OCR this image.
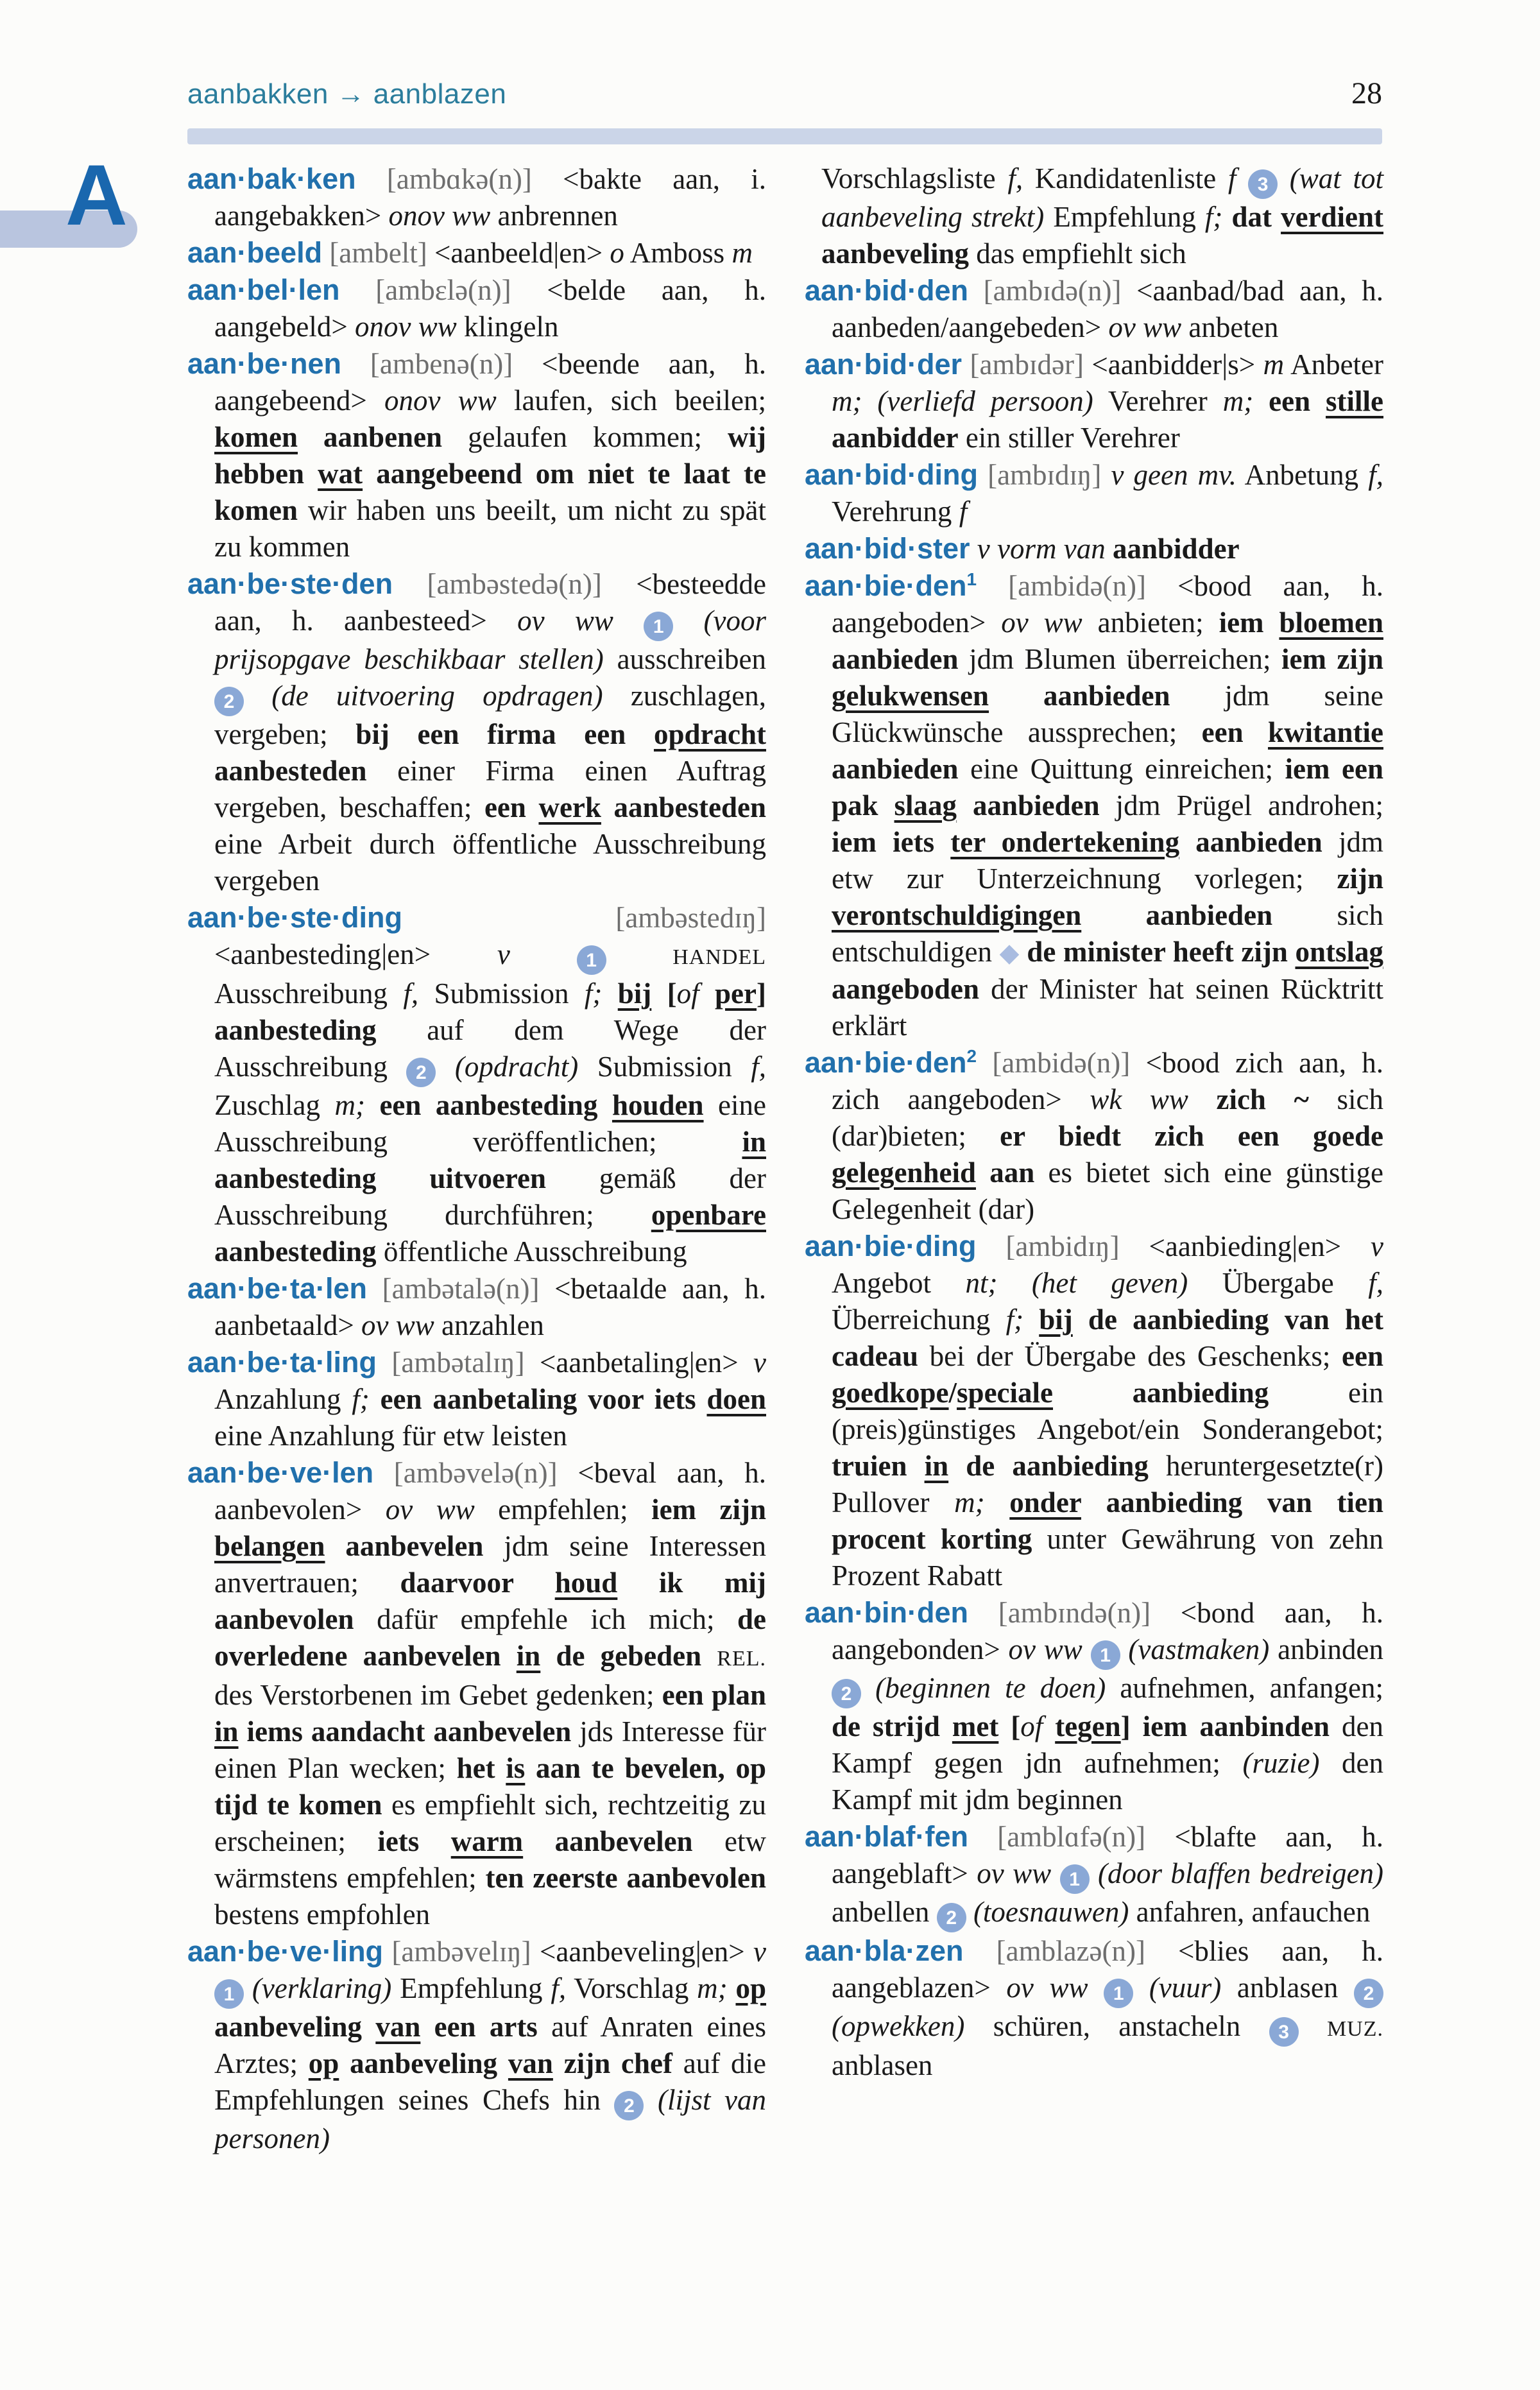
aanbakken → aanblazen	28
A aan·bak·ken [ambɑkə(n)] <bakte aan, i. aangebakken> onov ww anbrennen

aan·beeld [ambelt] <aanbeeld|en> o Amboss m

aan·bel·len [ambɛlə(n)] <belde aan, h. aangebeld> onov ww klingeln

aan·be·nen [ambenə(n)] <beende aan, h. aangebeend> onov ww laufen, sich beeilen; komen aanbenen gelaufen kommen; wij hebben wat aangebeend om niet te laat te komen wir haben uns beeilt, um nicht zu spät zu kommen

aan·be·ste·den [ambəstedə(n)] <besteedde aan, h. aanbesteed> ov ww 1 (voor prijsopgave beschikbaar stellen) ausschreiben 2 (de uitvoering opdragen) zuschlagen, vergeben; bij een firma een opdracht aanbesteden einer Firma einen Auftrag vergeben, beschaffen; een werk aanbesteden eine Arbeit durch öffentliche Ausschreibung vergeben

aan·be·ste·ding	[ambəstedɪŋ] <aanbesteding|en> v	1	HANDEL Ausschreibung f, Submission f; bij [of per] aanbesteding auf dem Wege der Ausschreibung 2 (opdracht) Submission f, Zuschlag m; een aanbesteding houden eine Ausschreibung veröffentlichen; in aanbesteding uitvoeren gemäß der Ausschreibung durchführen; openbare aanbesteding öffentliche Ausschreibung

aan·be·ta·len [ambətalə(n)] <betaalde aan, h. aanbetaald> ov ww anzahlen

aan·be·ta·ling [ambətalɪŋ] <aanbetaling|en> v Anzahlung f; een aanbetaling voor iets doen eine Anzahlung für etw leisten

aan·be·ve·len [ambəvelə(n)] <beval aan, h. aanbevolen> ov ww empfehlen; iem zijn belangen aanbevelen jdm seine Interessen anvertrauen; daarvoor houd ik mij aanbevolen dafür empfehle ich mich; de overledene aanbevelen in de gebeden REL. des Verstorbenen im Gebet gedenken; een plan in iems aandacht aanbevelen jds Interesse für einen Plan wecken; het is aan te bevelen, op tijd te komen es empfiehlt sich, rechtzeitig zu erscheinen; iets warm aanbevelen etw wärmstens empfehlen; ten zeerste aanbevolen bestens empfohlen

aan·be·ve·ling [ambəvelɪŋ] <aanbeveling|en> v 1 (verklaring) Empfehlung f, Vorschlag m; op aanbeveling van een arts auf Anraten eines Arztes; op aanbeveling van zijn chef auf die Empfehlungen seines Chefs hin 2 (lijst van personen)

Vorschlagsliste f, Kandidatenliste f 3 (wat tot aanbeveling strekt) Empfehlung f; dat verdient aanbeveling das empfiehlt sich

aan·bid·den [ambɪdə(n)] <aanbad/bad aan, h. aanbeden/aangebeden> ov ww anbeten

aan·bid·der [ambɪdər] <aanbidder|s> m Anbeter m; (verliefd persoon) Verehrer m; een stille aanbidder ein stiller Verehrer

aan·bid·ding [ambɪdɪŋ] v geen mv. Anbetung f, Verehrung f

aan·bid·ster v vorm van aanbidder

aan·bie·den$^1$ [ambidə(n)] <bood aan, h. aangeboden> ov ww anbieten; iem bloemen aanbieden jdm Blumen überreichen; iem zijn gelukwensen aanbieden jdm seine Glückwünsche aussprechen; een kwitantie aanbieden eine Quittung einreichen; iem een pak slaag aanbieden jdm Prügel androhen; iem iets ter ondertekening aanbieden jdm etw zur Unterzeichnung vorlegen; zijn verontschuldigingen aanbieden sich entschuldigen ◆ de minister heeft zijn ontslag aangeboden der Minister hat seinen Rücktritt erklärt

aan·bie·den$^2$ [ambidə(n)] <bood zich aan, h. zich aangeboden> wk ww zich ~ sich (dar)bieten; er biedt zich een goede gelegenheid aan es bietet sich eine günstige Gelegenheit (dar)

aan·bie·ding [ambidɪŋ] <aanbieding|en> v Angebot nt; (het geven) Übergabe f, Überreichung f; bij de aanbieding van het cadeau bei der Übergabe des Geschenks; een goedkope/speciale aanbieding ein (preis)günstiges Angebot/ein Sonderangebot; truien in de aanbieding heruntergesetzte(r) Pullover m; onder aanbieding van tien procent korting unter Gewährung von zehn Prozent Rabatt

aan·bin·den [ambɪndə(n)] <bond aan, h. aangebonden> ov ww 1 (vastmaken) anbinden 2 (beginnen te doen) aufnehmen, anfangen; de strijd met [of tegen] iem aanbinden den Kampf gegen jdn aufnehmen; (ruzie) den Kampf mit jdm beginnen

aan·blaf·fen [amblɑfə(n)] <blafte aan, h. aangeblaft> ov ww 1 (door blaffen bedreigen) anbellen 2 (toesnauwen) anfahren, anfauchen

aan·bla·zen [amblazə(n)] <blies aan, h. aangeblazen> ov ww 1 (vuur) anblasen 2 (opwekken) schüren, anstacheln 3 MUZ. anblasen
